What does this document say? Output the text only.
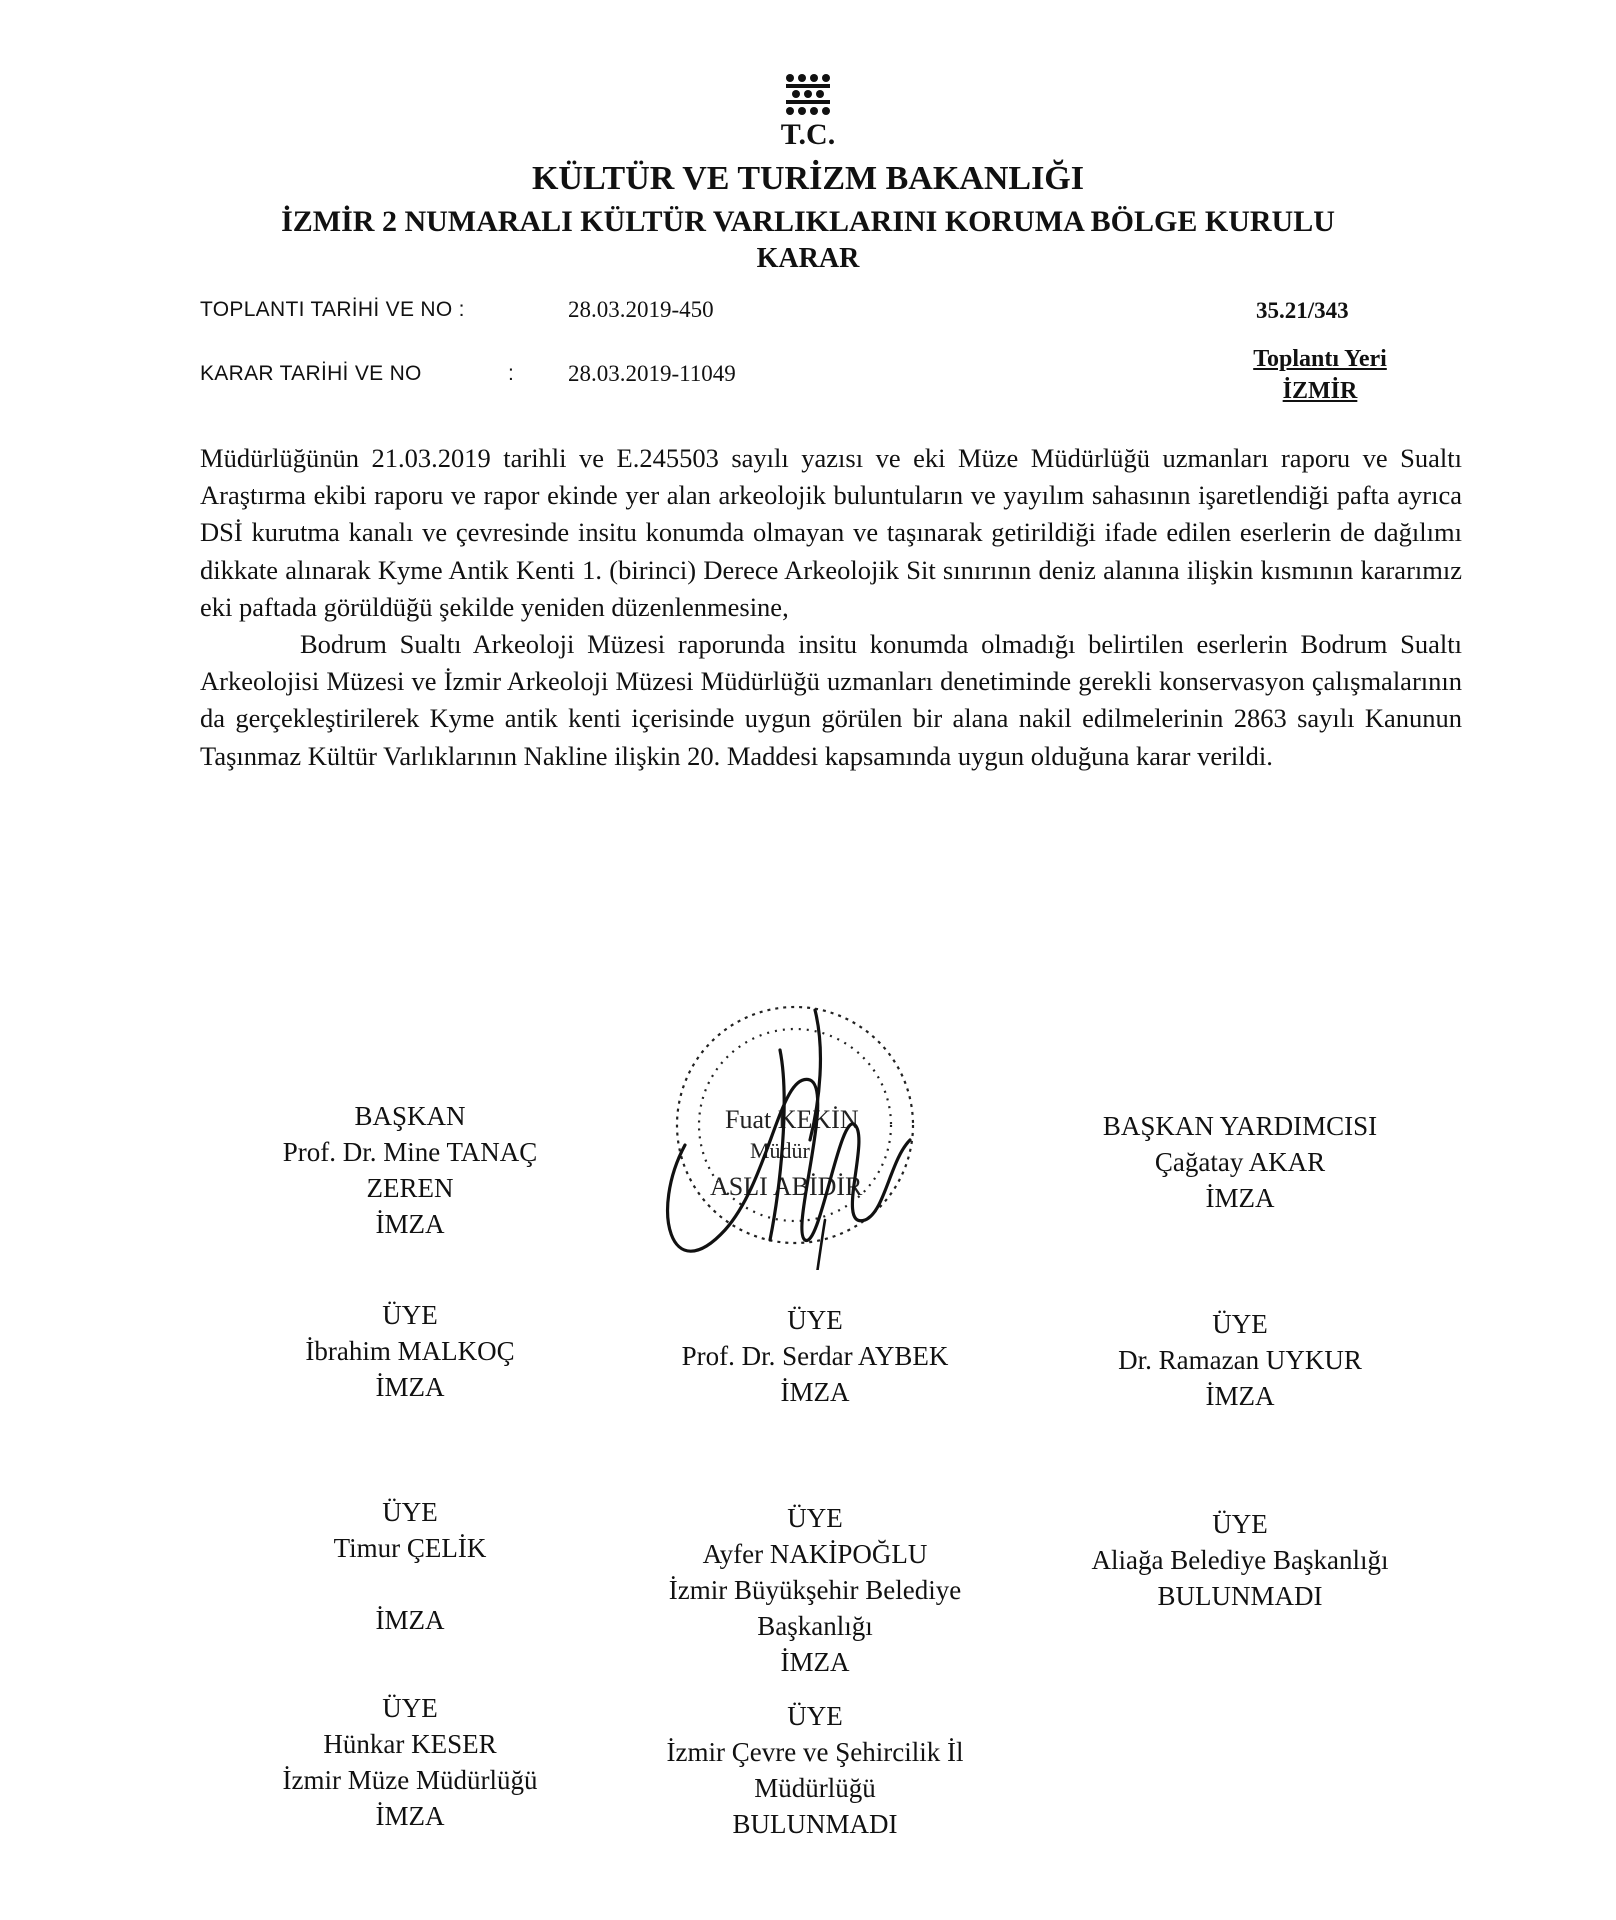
T.C.
KÜLTÜR VE TURİZM BAKANLIĞI
İZMİR 2 NUMARALI KÜLTÜR VARLIKLARINI KORUMA BÖLGE KURULU
KARAR
TOPLANTI TARİHİ VE NO :	28.03.2019-450	35.21/343
KARAR TARİHİ VE NO	: 28.03.2019-11049
Toplantı Yeri
İZMİR

Müdürlüğünün 21.03.2019 tarihli ve E.245503 sayılı yazısı ve eki Müze Müdürlüğü uzmanları raporu ve Sualtı Araştırma ekibi raporu ve rapor ekinde yer alan arkeolojik buluntuların ve yayılım sahasının işaretlendiği pafta ayrıca DSİ kurutma kanalı ve çevresinde insitu konumda olmayan ve taşınarak getirildiği ifade edilen eserlerin de dağılımı dikkate alınarak Kyme Antik Kenti 1. (birinci) Derece Arkeolojik Sit sınırının deniz alanına ilişkin kısmının kararımız eki paftada görüldüğü şekilde yeniden düzenlenmesine,

Bodrum Sualtı Arkeoloji Müzesi raporunda insitu konumda olmadığı belirtilen eserlerin Bodrum Sualtı Arkeolojisi Müzesi ve İzmir Arkeoloji Müzesi Müdürlüğü uzmanları denetiminde gerekli konservasyon çalışmalarının da gerçekleştirilerek Kyme antik kenti içerisinde uygun görülen bir alana nakil edilmelerinin 2863 sayılı Kanunun Taşınmaz Kültür Varlıklarının Nakline ilişkin 20. Maddesi kapsamında uygun olduğuna karar verildi.

Fuat KEKİN
Müdür
ASLI ABİDİR
BAŞKAN
Prof. Dr. Mine TANAÇ
ZEREN
İMZA
BAŞKAN YARDIMCISI
Çağatay AKAR
İMZA
ÜYE
İbrahim MALKOÇ
İMZA
ÜYE
Prof. Dr. Serdar AYBEK
İMZA
ÜYE
Dr. Ramazan UYKUR
İMZA
ÜYE
Timur ÇELİK
İMZA
ÜYE
Ayfer NAKİPOĞLU
İzmir Büyükşehir Belediye
Başkanlığı
İMZA
ÜYE
Aliağa Belediye Başkanlığı
BULUNMADI
ÜYE
Hünkar KESER
İzmir Müze Müdürlüğü
İMZA
ÜYE
İzmir Çevre ve Şehircilik İl
Müdürlüğü
BULUNMADI
